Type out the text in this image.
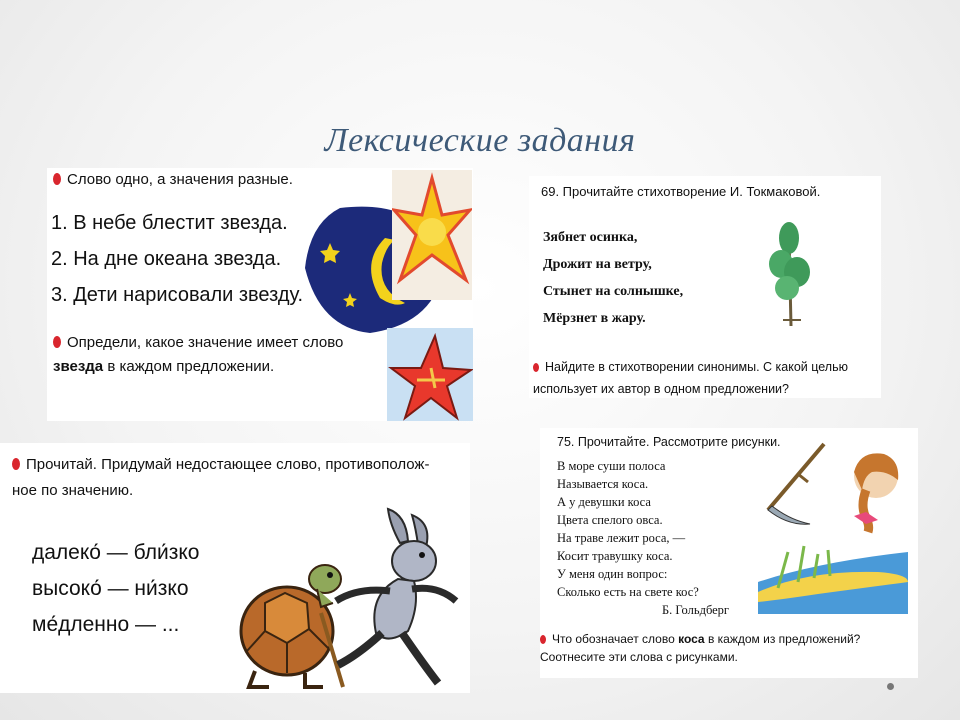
Лексические задания
Слово одно, а значения разные.
1. В небе блестит звезда.
2. На дне океана звезда.
3. Дети нарисовали звезду.
Определи, какое значение имеет слово
звезда в каждом предложении.
69. Прочитайте стихотворение И. Токмаковой.
Зябнет осинка,
Дрожит на ветру,
Стынет на солнышке,
Мёрзнет в жару.
Найдите в стихотворении синонимы. С какой целью
использует их автор в одном предложении?
Прочитай. Придумай недостающее слово, противополож-
ное по значению.
далеко́ — бли́зко
высоко́ — ни́зко
ме́дленно — ...
75. Прочитайте. Рассмотрите рисунки.
В море суши полоса
Называется коса.
А у девушки коса
Цвета спелого овса.
На траве лежит роса, —
Косит травушку коса.
У меня один вопрос:
Сколько есть на свете кос?
Б. Гольдберг
Что обозначает слово коса в каждом из предложений?
Соотнесите эти слова с рисунками.
